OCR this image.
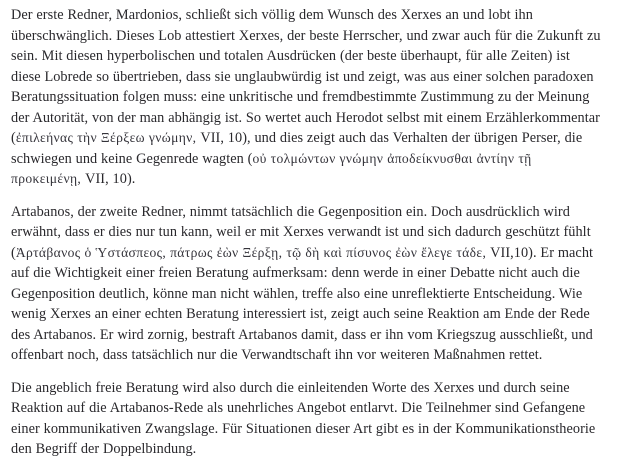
Der erste Redner, Mardonios, schließt sich völlig dem Wunsch des Xerxes an und lobt ihn
überschwänglich. Dieses Lob attestiert Xerxes, der beste Herrscher, und zwar auch für die Zukunft zu
sein. Mit diesen hyperbolischen und totalen Ausdrücken (der beste überhaupt, für alle Zeiten) ist
diese Lobrede so übertrieben, dass sie unglaubwürdig ist und zeigt, was aus einer solchen paradoxen
Beratungssituation folgen muss: eine unkritische und fremdbestimmte Zustimmung zu der Meinung
der Autorität, von der man abhängig ist. So wertet auch Herodot selbst mit einem Erzählerkommentar
(ἐπιλεήνας τὴν Ξέρξεω γνώμην, VII, 10), und dies zeigt auch das Verhalten der übrigen Perser, die
schwiegen und keine Gegenrede wagten (οὐ τολμώντων γνώμην ἀποδείκνυσθαι ἀντίην τῇ
προκειμένῃ, VII, 10).

Artabanos, der zweite Redner, nimmt tatsächlich die Gegenposition ein. Doch ausdrücklich wird
erwähnt, dass er dies nur tun kann, weil er mit Xerxes verwandt ist und sich dadurch geschützt fühlt
(Ἀρτάβανος ὁ Ὑστάσπεος, πάτρως ἐὼν Ξέρξῃ, τῷ δὴ καὶ πίσυνος ἐὼν ἔλεγε τάδε, VII,10). Er macht
auf die Wichtigkeit einer freien Beratung aufmerksam: denn werde in einer Debatte nicht auch die
Gegenposition deutlich, könne man nicht wählen, treffe also eine unreflektierte Entscheidung. Wie
wenig Xerxes an einer echten Beratung interessiert ist, zeigt auch seine Reaktion am Ende der Rede
des Artabanos. Er wird zornig, bestraft Artabanos damit, dass er ihn vom Kriegszug ausschließt, und
offenbart noch, dass tatsächlich nur die Verwandtschaft ihn vor weiteren Maßnahmen rettet.

Die angeblich freie Beratung wird also durch die einleitenden Worte des Xerxes und durch seine
Reaktion auf die Artabanos-Rede als unehrliches Angebot entlarvt. Die Teilnehmer sind Gefangene
einer kommunikativen Zwangslage. Für Situationen dieser Art gibt es in der Kommunikationstheorie
den Begriff der Doppelbindung.
